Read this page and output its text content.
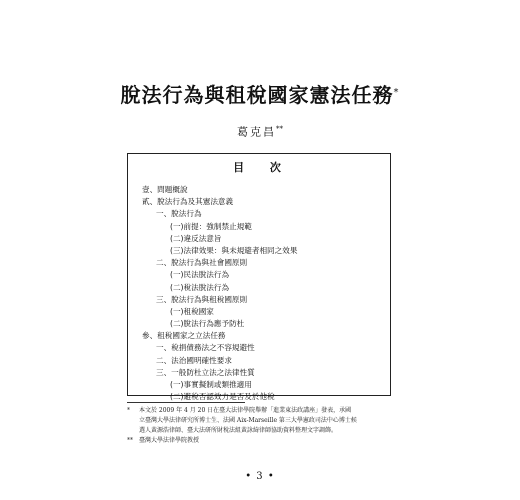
脫法行為與租稅國家憲法任務*
葛克昌**
目 次
壹、問題概說
貳、脫法行為及其憲法意義
一、脫法行為
(一)前提：強制禁止規範
(二)違反法意旨
(三)法律效果：與未規避者相同之效果
二、脫法行為與社會國原則
(一)民法脫法行為
(二)稅法脫法行為
三、脫法行為與租稅國原則
(一)租稅國家
(二)脫法行為應予防杜
參、租稅國家之立法任務
一、稅捐債務法之不容規避性
二、法治國明確性要求
三、一般防杜立法之法律性質
(一)事實擬制或類推適用
(二)避稅否認效力是否及於他稅
* 本文於 2009 年 4 月 20 日在臺大法律學院舉辦「進業東法政講座」發表，承國
立臺灣大學法律研究所博士生、法國 Aix-Marseille 第三大學憲政司法中心博士候
選人黃源浩律師、臺大法研所財稅法組黃詠綺律師協助資料整理文字調飾。
** 臺灣大學法律學院教授
• 3 •
